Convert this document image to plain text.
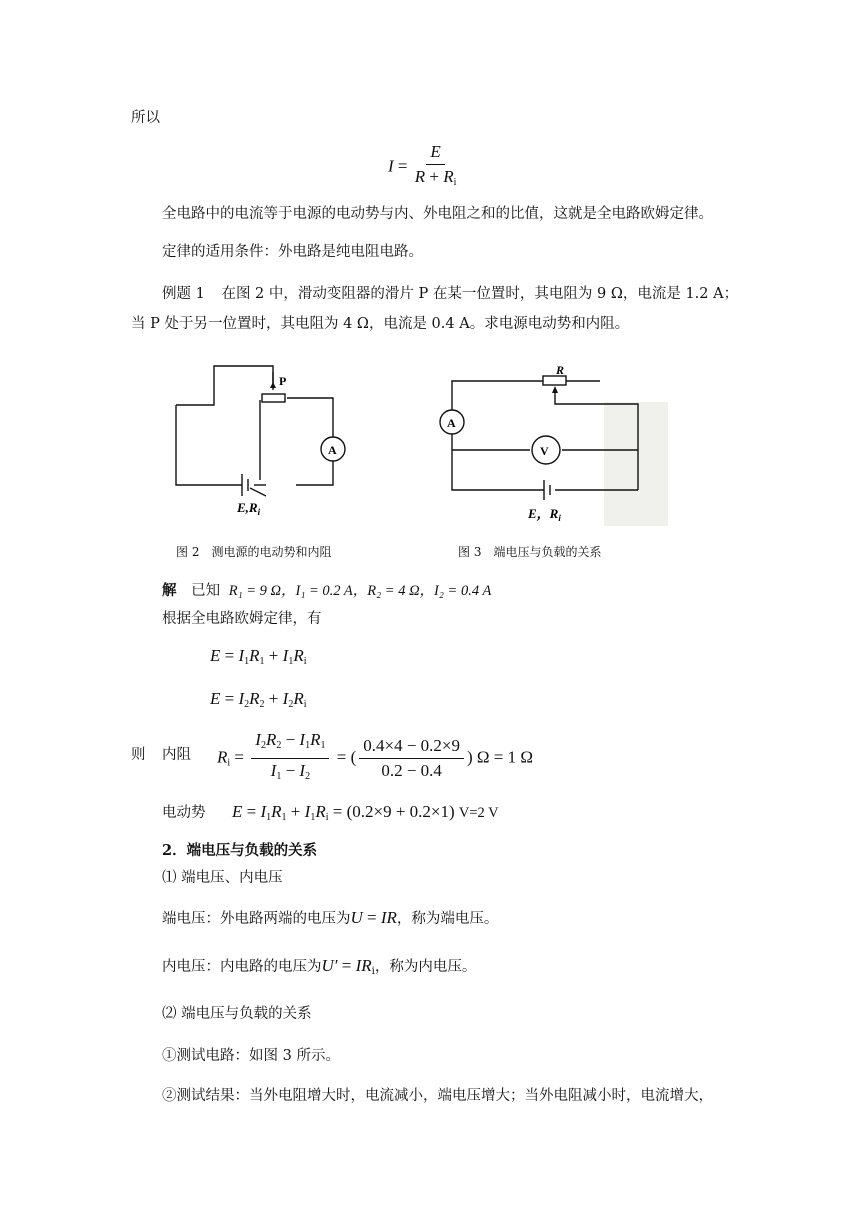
所以
$I = \frac{E}{R + R_i}$
全电路中的电流等于电源的电动势与内、外电阻之和的比值，这就是全电路欧姆定律。
定律的适用条件：外电路是纯电阻电路。
例题 1 在图 2 中，滑动变阻器的滑片 P 在某一位置时，其电阻为 9 Ω，电流是 1.2 A；
当 P 处于另一位置时，其电阻为 4 Ω，电流是 0.4 A。求电源电动势和内阻。
P
A
$E,R_i$
R
A
V
E，$R_i$
图 2　测电源的电动势和内阻	图 3　端电压与负载的关系
解 已知 R₁ = 9 Ω，I₁ = 0.2 A，R₂ = 4 Ω，I₂ = 0.4 A
根据全电路欧姆定律，有
$E = I_1R_1 + I_1R_i$
$E = I_2R_2 + I_2R_i$
则 内阻 $R_i = \frac{I_2R_2 - I_1R_1}{I_1 - I_2}$ = ( $\frac{0.4\times 4 - 0.2\times 9}{0.2 - 0.4}$ ) Ω = 1 Ω
电动势 $E = I_1R_1 + I_1R_i = (0.2\times 9 + 0.2\times 1)$ V=2 V
2．端电压与负载的关系
⑴ 端电压、内电压
端电压：外电路两端的电压为U = IR，称为端电压。
内电压：内电路的电压为$U' = IR_i$，称为内电压。
⑵ 端电压与负载的关系
①测试电路：如图 3 所示。
②测试结果：当外电阻增大时，电流减小，端电压增大；当外电阻减小时，电流增大，
